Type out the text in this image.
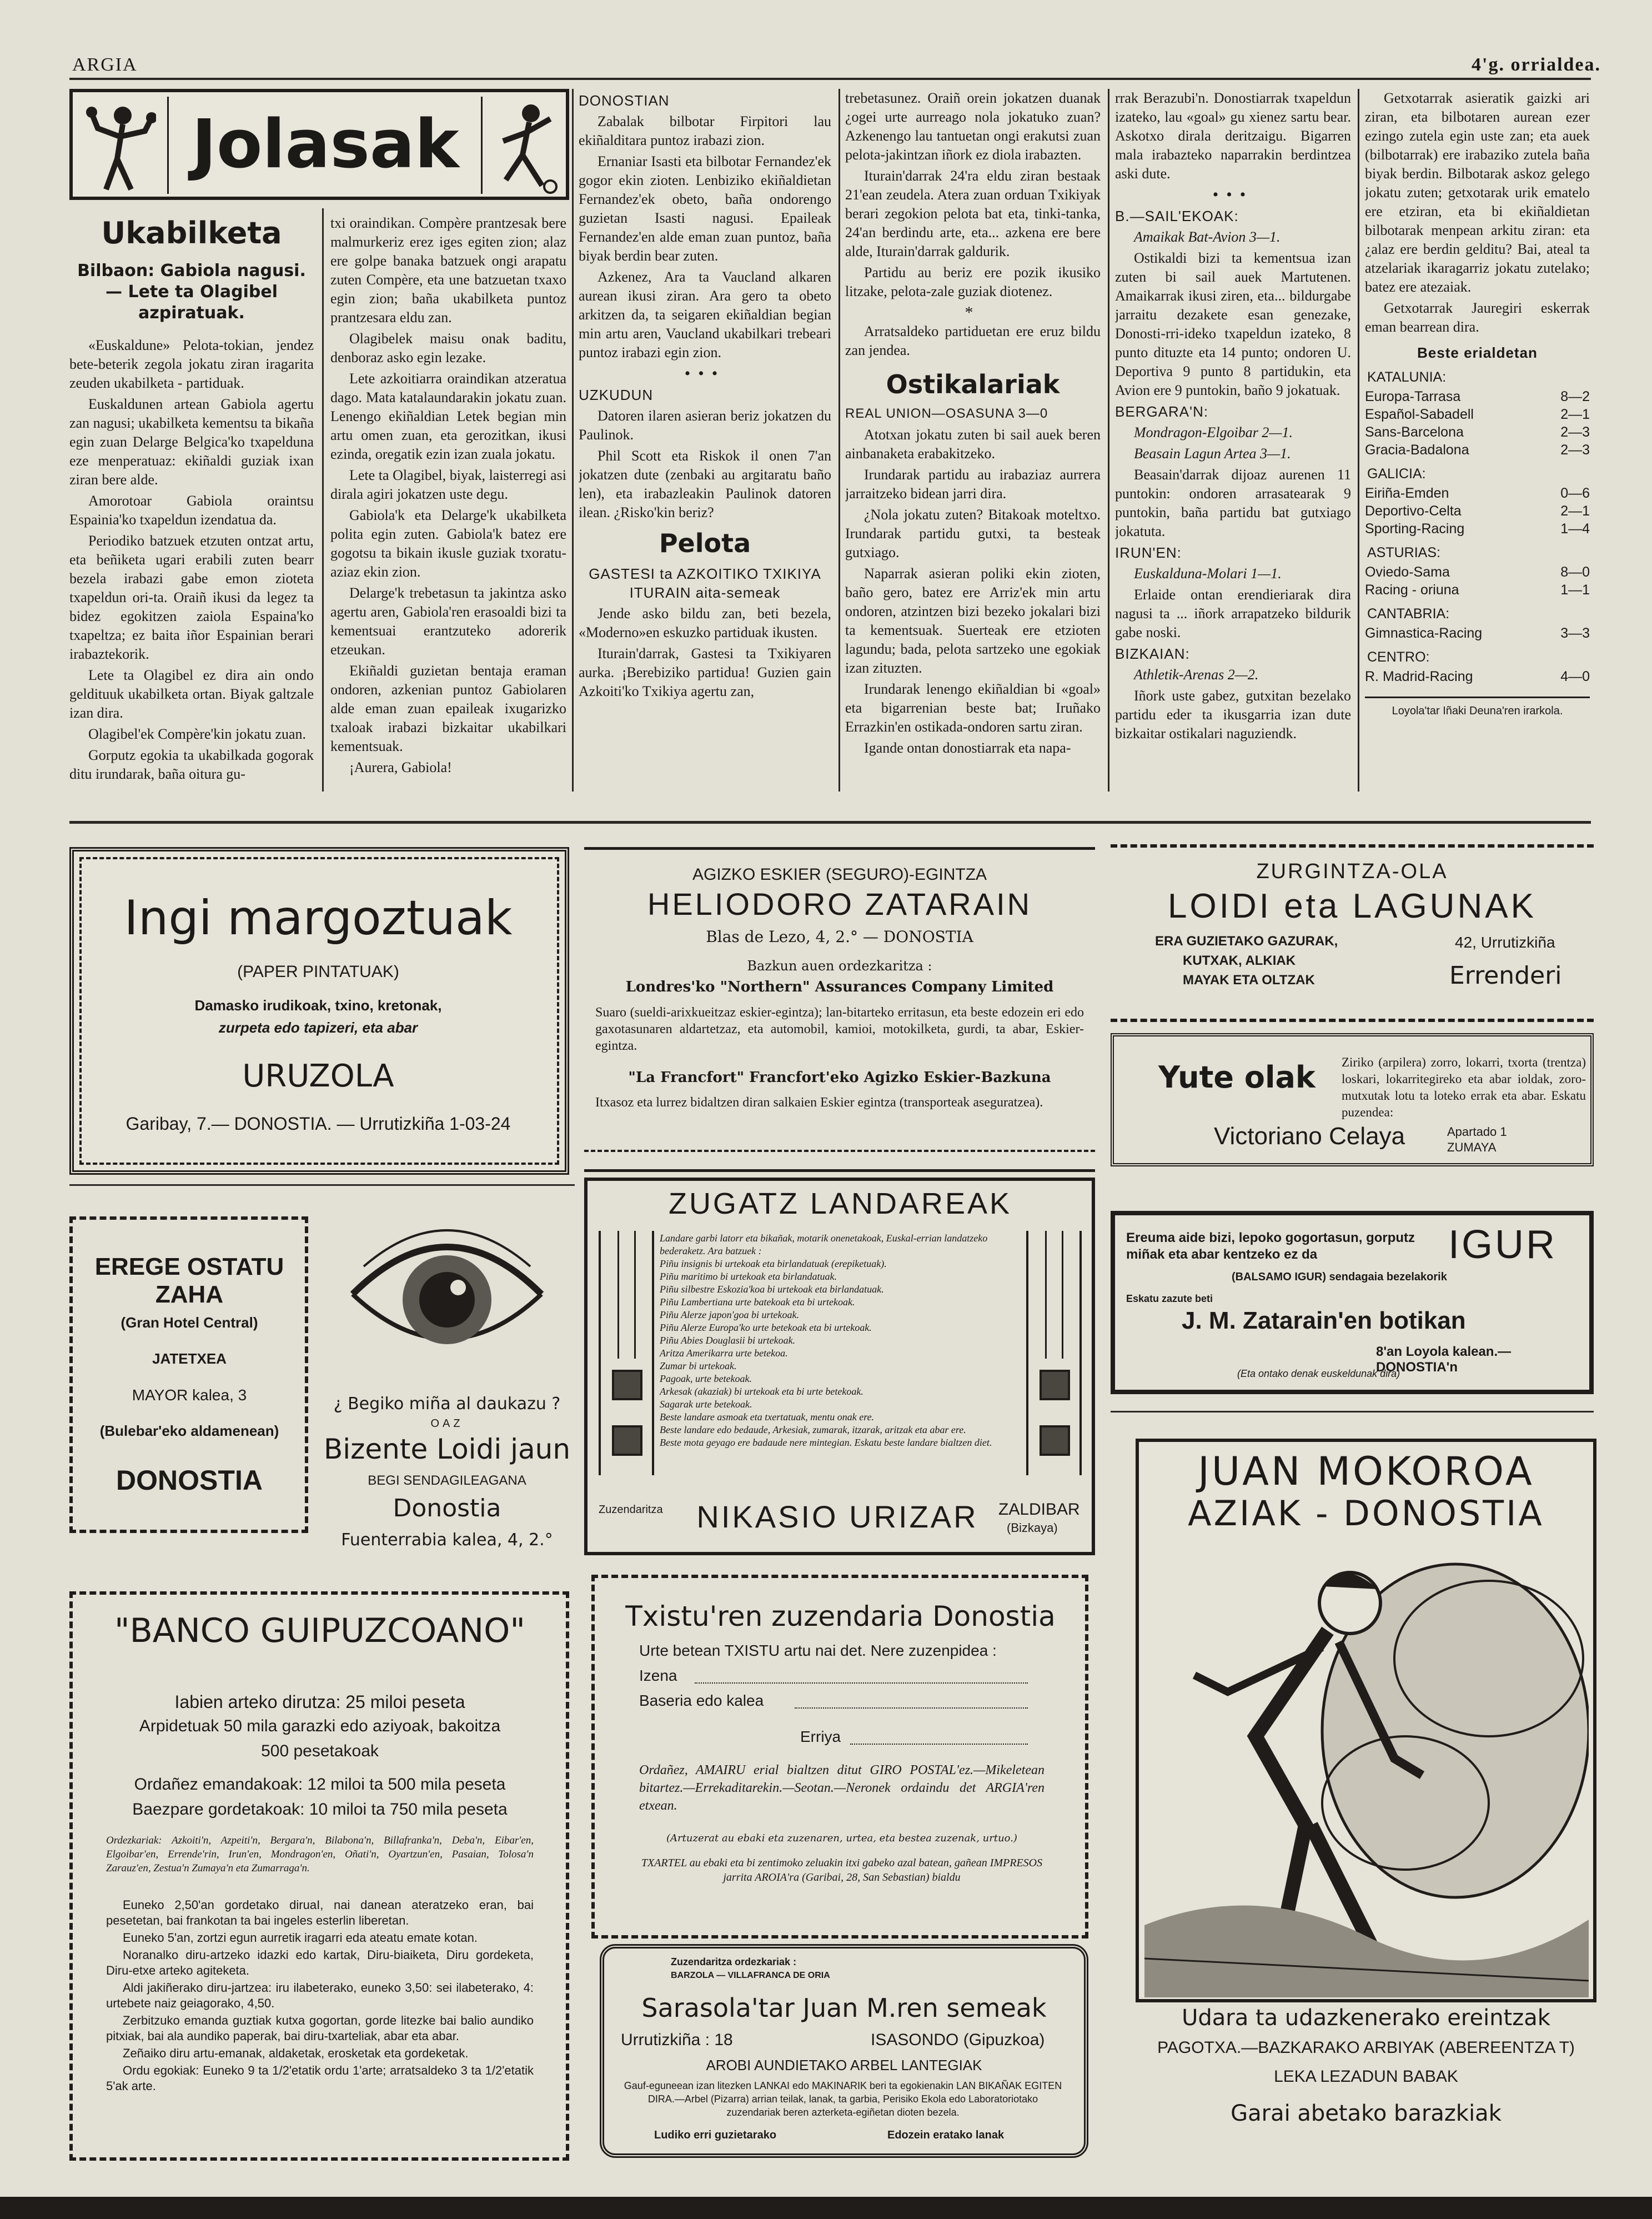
ARGIA	4'g. orrialdea.
Jolasak
Ukabilketa
Bilbaon: Gabiola nagusi.— Lete ta Olagibel azpiratuak.

«Euskaldune» Pelota-tokian, jendez bete-beterik zegola jokatu ziran iragarita zeuden ukabilketa - partiduak.

Euskaldunen artean Gabiola agertu zan nagusi; ukabilketa kementsu ta bikaña egin zuan Delarge Belgica'ko txapelduna eze menperatuaz: ekiñaldi guziak ixan ziran bere alde.

Amorotoar Gabiola oraintsu Espainia'ko txapeldun izendatua da.

Periodiko batzuek etzuten ontzat artu, eta beñiketa ugari erabili zuten bearr bezela irabazi gabe emon zioteta txapeldun ori-ta. Oraiñ ikusi da legez ta bidez egokitzen zaiola Espaina'ko txapeltza; ez baita iñor Espainian berari irabaztekorik.

Lete ta Olagibel ez dira ain ondo geldituuk ukabilketa ortan. Biyak galtzale izan dira.

Olagibel'ek Compère'kin jokatu zuan.

Gorputz egokia ta ukabilkada gogorak ditu irundarak, baña oitura gu-

txi oraindikan. Compère prantzesak bere malmurkeriz erez iges egiten zion; alaz ere golpe banaka batzuek ongi arapatu zuten Compère, eta une batzuetan txaxo egin zion; baña ukabilketa puntoz prantzesara eldu zan.

Olagibelek maisu onak baditu, denboraz asko egin lezake.

Lete azkoitiarra oraindikan atzeratua dago. Mata katalaundarakin jokatu zuan. Lenengo ekiñaldian Letek begian min artu omen zuan, eta gerozitkan, ikusi ezinda, oregatik ezin izan zuala jokatu.

Lete ta Olagibel, biyak, laisterregi asi dirala agiri jokatzen uste degu.

Gabiola'k eta Delarge'k ukabilketa polita egin zuten. Gabiola'k batez ere gogotsu ta bikain ikusle guziak txoratu-aziaz ekin zion.

Delarge'k trebetasun ta jakintza asko agertu aren, Gabiola'ren erasoaldi bizi ta kementsuai erantzuteko adorerik etzeukan.

Ekiñaldi guzietan bentaja eraman ondoren, azkenian puntoz Gabiolaren alde eman zuan epaileak ixugarizko txaloak irabazi bizkaitar ukabilkari kementsuak.

¡Aurera, Gabiola!

DONOSTIAN

Zabalak bilbotar Firpitori lau ekiñalditara puntoz irabazi zion.

Ernaniar Isasti eta bilbotar Fernandez'ek gogor ekin zioten. Lenbiziko ekiñaldietan Fernandez'ek obeto, baña ondorengo guzietan Isasti nagusi. Epaileak Fernandez'en alde eman zuan puntoz, baña biyak berdin bear zuten.

Azkenez, Ara ta Vaucland alkaren aurean ikusi ziran. Ara gero ta obeto arkitzen da, ta seigaren ekiñaldian begian min artu aren, Vaucland ukabilkari trebeari puntoz irabazi egin zion.

•••
UZKUDUN

Datoren ilaren asieran beriz jokatzen du Paulinok.

Phil Scott eta Riskok il onen 7'an jokatzen dute (zenbaki au argitaratu baño len), eta irabazleakin Paulinok datoren ilean. ¿Risko'kin beriz?

Pelota
GASTESI ta AZKOITIKO TXIKIYA ITURAIN aita-semeak

Jende asko bildu zan, beti bezela, «Moderno»en eskuzko partiduak ikusten.

Iturain'darrak, Gastesi ta Txikiyaren aurka. ¡Berebiziko partidua! Guzien gain Azkoiti'ko Txikiya agertu zan,

trebetasunez. Oraiñ orein jokatzen duanak ¿ogei urte aurreago nola jokatuko zuan? Azkenengo lau tantuetan ongi erakutsi zuan pelota-jakintzan iñork ez diola irabazten.

Iturain'darrak 24'ra eldu ziran bestaak 21'ean zeudela. Atera zuan orduan Txikiyak berari zegokion pelota bat eta, tinki-tanka, 24'an berdindu arte, eta... azkena ere bere alde, Iturain'darrak galdurik.

Partidu au beriz ere pozik ikusiko litzake, pelota-zale guziak diotenez.

*

Arratsaldeko partiduetan ere eruz bildu zan jendea.

Ostikalariak
REAL UNION—OSASUNA 3—0

Atotxan jokatu zuten bi sail auek beren ainbanaketa erabakitzeko.

Irundarak partidu au irabaziaz aurrera jarraitzeko bidean jarri dira.

¿Nola jokatu zuten? Bitakoak moteltxo. Irundarak partidu gutxi, ta besteak gutxiago.

Naparrak asieran poliki ekin zioten, baño gero, batez ere Arriz'ek min artu ondoren, atzintzen bizi bezeko jokalari bizi ta kementsuak. Suerteak ere etzioten lagundu; bada, pelota sartzeko une egokiak izan zituzten.

Irundarak lenengo ekiñaldian bi «goal» eta bigarrenian beste bat; Iruñako Errazkin'en ostikada-ondoren sartu ziran.

Igande ontan donostiarrak eta napa-

rrak Berazubi'n. Donostiarrak txapeldun izateko, lau «goal» gu xienez sartu bear. Askotxo dirala deritzaigu. Bigarren mala irabazteko naparrakin berdintzea aski dute.

•••
B.—SAIL'EKOAK:

Amaikak Bat-Avion 3—1.

Ostikaldi bizi ta kementsua izan zuten bi sail auek Martutenen. Amaikarrak ikusi ziren, eta... bildurgabe jarraitu dezakete esan genezake, Donosti-rri-ideko txapeldun izateko, 8 punto dituzte eta 14 punto; ondoren U. Deportiva 9 punto 8 partidukin, eta Avion ere 9 puntokin, baño 9 jokatuak.

BERGARA'N:

Mondragon-Elgoibar 2—1.

Beasain Lagun Artea 3—1.

Beasain'darrak dijoaz aurenen 11 puntokin: ondoren arrasatearak 9 puntokin, baña partidu bat gutxiago jokatuta.

IRUN'EN:

Euskalduna-Molari 1—1.

Erlaide ontan erendieriarak dira nagusi ta ... iñork arrapatzeko bildurik gabe noski.

BIZKAIAN:

Athletik-Arenas 2—2.

Iñork uste gabez, gutxitan bezelako partidu eder ta ikusgarria izan dute bizkaitar ostikalari naguziendk.

Getxotarrak asieratik gaizki ari ziran, eta bilbotaren aurean ezer ezingo zutela egin uste zan; eta auek (bilbotarrak) ere irabaziko zutela baña biyak berdin. Bilbotarak askoz gelego jokatu zuten; getxotarak urik ematelo ere etziran, eta bi ekiñaldietan bilbotarak menpean arkitu ziran: eta ¿alaz ere berdin gelditu? Bai, ateal ta atzelariak ikaragarriz jokatu zutelako; batez ere atezaiak.

Getxotarrak Jauregiri eskerrak eman bearrean dira.

Beste erialdetan
KATALUNIA:
Europa-Tarrasa	8—2
Español-Sabadell	2—1
Sans-Barcelona	2—3
Gracia-Badalona	2—3
GALICIA:
Eiriña-Emden	0—6
Deportivo-Celta	2—1
Sporting-Racing	1—4
ASTURIAS:
Oviedo-Sama	8—0
Racing - oriuna	1—1
CANTABRIA:
Gimnastica-Racing	3—3
CENTRO:
R. Madrid-Racing	4—0
Loyola'tar Iñaki Deuna'ren irarkola.
Ingi margoztuak
(PAPER PINTATUAK)
Damasko irudikoak, txino, kretonak,
zurpeta edo tapizeri, eta abar
URUZOLA
Garibay, 7.— DONOSTIA. — Urrutizkiña 1-03-24
AGIZKO ESKIER (SEGURO)-EGINTZA
HELIODORO ZATARAIN
Blas de Lezo, 4, 2.° — DONOSTIA
Bazkun auen ordezkaritza :
Londres'ko "Northern" Assurances Company Limited
Suaro (sueldi-arixkueitzaz eskier-egintza); lan-bitarteko erritasun, eta beste edozein eri edo gaxotasunaren aldartetzaz, eta automobil, kamioi, motokilketa, gurdi, ta abar, Eskier-egintza.
"La Francfort" Francfort'eko Agizko Eskier-Bazkuna
Itxasoz eta lurrez bidaltzen diran salkaien Eskier egintza (transporteak aseguratzea).
ZURGINTZA-OLA
LOIDI eta LAGUNAK
ERA GUZIETAKO GAZURAK,
KUTXAK, ALKIAK
MAYAK ETA OLTZAK
42, Urrutizkiña
Errenderi
Yute olak Ziriko (arpilera) zorro, lokarri, txorta (trentza) loskari, lokarritegireko eta abar ioldak, zoro-mutxutak lotu ta loteko errak eta abar. Eskatu puzendea:
Victoriano Celaya	Apartado 1 ZUMAYA
EREGE OSTATU ZAHA
(Gran Hotel Central)
JATETXEA
MAYOR kalea, 3
(Bulebar'eko aldamenean)
DONOSTIA
¿ Begiko miña al daukazu ?
OAZ
Bizente Loidi jaun
BEGI SENDAGILEAGANA
Donostia
Fuenterrabia kalea, 4, 2.°
ZUGATZ LANDAREAK
Landare garbi latorr eta bikañak, motarik onenetakoak, Euskal-errian landatzeko bederaketz. Ara batzuek :
Piñu insignis bi urtekoak eta birlandatuak (erepiketuak).
Piñu maritimo bi urtekoak eta birlandatuak.
Piñu silbestre Eskozia'koa bi urtekoak eta birlandatuak.
Piñu Lambertiana urte batekoak eta bi urtekoak.
Piñu Alerze japon'goa bi urtekoak.
Piñu Alerze Europa'ko urte betekoak eta bi urtekoak.
Piñu Abies Douglasii bi urtekoak.
Aritza Amerikarra urte betekoa.
Zumar bi urtekoak.
Pagoak, urte betekoak.
Arkesak (akaziak) bi urtekoak eta bi urte betekoak.
Sagarak urte betekoak.
Beste landare asmoak eta txertatuak, mentu onak ere.
Beste landare edo bedaude, Arkesiak, zumarak, itzarak, aritzak eta abar ere.
Beste mota geyago ere badaude nere mintegian. Eskatu beste landare bialtzen diet.
Zuzendaritza	NIKASIO URIZAR	ZALDIBAR
(Bizkaya)
Ereuma aide bizi, lepoko gogortasun, gorputz miñak eta abar kentzeko ez da	IGUR
(BALSAMO IGUR) sendagaia bezelakorik
Eskatu zazute beti
J. M. Zatarain'en botikan
8'an Loyola kalean.—DONOSTIA'n
(Eta ontako denak euskeldunak dira)
"BANCO GUIPUZCOANO"
Iabien arteko dirutza: 25 miloi peseta
Arpidetuak 50 mila garazki edo aziyoak, bakoitza
500 pesetakoak
Ordañez emandakoak: 12 miloi ta 500 mila peseta
Baezpare gordetakoak: 10 miloi ta 750 mila peseta
Ordezkariak: Azkoiti'n, Azpeiti'n, Bergara'n, Bilabona'n, Billafranka'n, Deba'n, Eibar'en, Elgoibar'en, Errende'rin, Irun'en, Mondragon'en, Oñati'n, Oyartzun'en, Pasaian, Tolosa'n Zarauz'en, Zestua'n Zumaya'n eta Zumarraga'n.
Euneko 2,50'an gordetako diruaI, nai danean ateratzeko eran, bai pesetetan, bai frankotan ta bai ingeles esterlin liberetan.
Euneko 5'an, zortzi egun aurretik iragarri eda ateatu emate kotan.
Noranalko diru-artzeko idazki edo kartak, Diru-biaiketa, Diru gordeketa, Diru-etxe arteko agiteketa.
Aldi jakiñerako diru-jartzea: iru ilabeterako, euneko 3,50: sei ilabeterako, 4: urtebete naiz geiagorako, 4,50.
Zerbitzuko emanda guztiak kutxa gogortan, gorde litezke bai balio aundiko pitxiak, bai ala aundiko paperak, bai diru-txarteliak, abar eta abar.
Zeñaiko diru artu-emanak, aldaketak, erosketak eta gordeketak.
Ordu egokiak: Euneko 9 ta 1/2'etatik ordu 1'arte; arratsaldeko 3 ta 1/2'etatik 5'ak arte.
Txistu'ren zuzendaria Donostia
Urte betean TXISTU artu nai det. Nere zuzenpidea :
Izena
Baseria edo kalea
Erriya
Ordañez, AMAIRU erial bialtzen ditut GIRO POSTAL'ez.—Mikeletean bitartez.—Errekaditarekin.—Seotan.—Neronek ordaindu det ARGIA'ren etxean.
(Artuzerat au ebaki eta zuzenaren, urtea, eta bestea zuzenak, urtuo.)
TXARTEL au ebaki eta bi zentimoko zeluakin itxi gabeko azal batean, gañean IMPRESOS jarrita AROIA'ra (Garibai, 28, San Sebastian) bialdu
Zuzendaritza ordezkariak :
BARZOLA — VILLAFRANCA DE ORIA
Sarasola'tar Juan M.ren semeak
Urrutizkiña : 18	ISASONDO (Gipuzkoa)
AROBI AUNDIETAKO ARBEL LANTEGIAK
Gauf-eguneean izan litezken LANKAI edo MAKINARIK beri ta egokienakin LAN BIKAÑAK EGITEN DIRA.—Arbel (Pizarra) arrian teilak, lanak, ta garbia, Perisiko Ekola edo Laboratoriotako zuzendariak beren azterketa-egiñetan dioten bezela.
Ludiko erri guzietarako	Edozein eratako lanak
JUAN MOKOROA
AZIAK - DONOSTIA
Udara ta udazkenerako ereintzak
PAGOTXA.—BAZKARAKO ARBIYAK (ABEREENTZA T)
LEKA LEZADUN BABAK
Garai abetako barazkiak
